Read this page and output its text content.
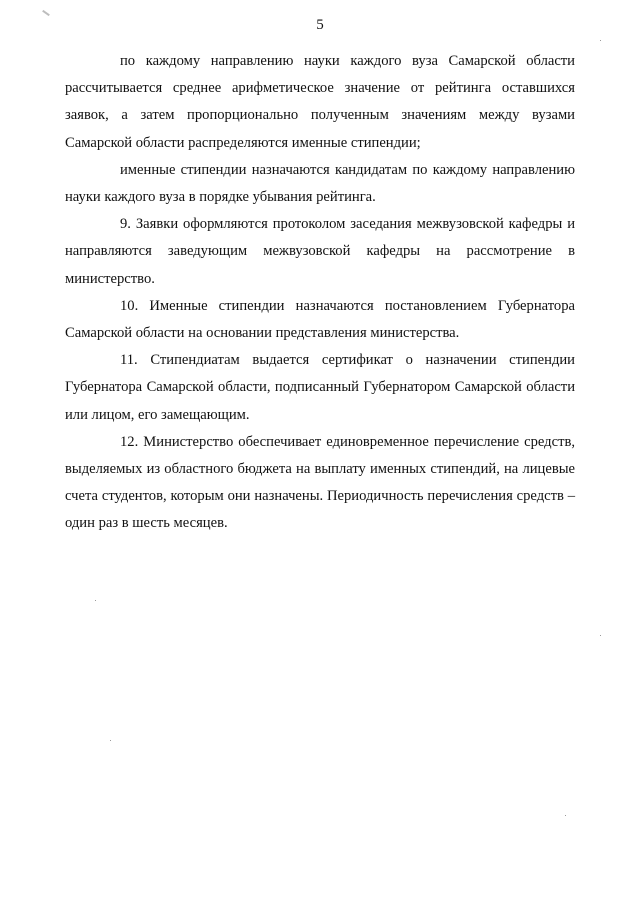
5

по каждому направлению науки каждого вуза Самарской области рассчитывается среднее арифметическое значение от рейтинга оставшихся заявок, а затем пропорционально полученным значениям между вузами Самарской области распределяются именные стипендии;

именные стипендии назначаются кандидатам по каждому направлению науки каждого вуза в порядке убывания рейтинга.

9. Заявки оформляются протоколом заседания межвузовской кафедры и направляются заведующим межвузовской кафедры на рассмотрение в министерство.

10. Именные стипендии назначаются постановлением Губернатора Самарской области на основании представления министерства.

11. Стипендиатам выдается сертификат о назначении стипендии Губернатора Самарской области, подписанный Губернатором Самарской области или лицом, его замещающим.

12. Министерство обеспечивает единовременное перечисление средств, выделяемых из областного бюджета на выплату именных стипендий, на лицевые счета студентов, которым они назначены. Периодичность перечисления средств – один раз в шесть месяцев.
